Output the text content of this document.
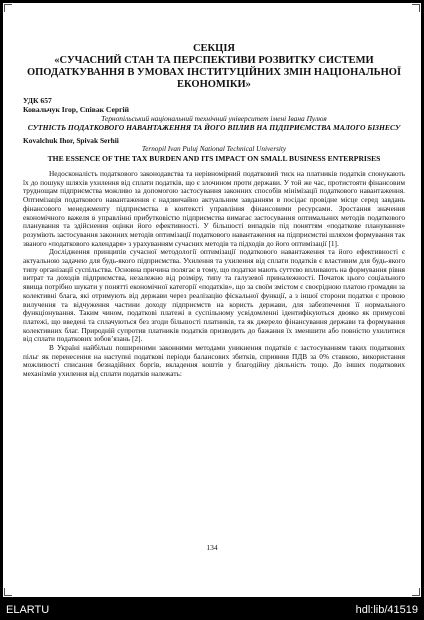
СЕКЦІЯ
«СУЧАСНИЙ СТАН ТА ПЕРСПЕКТИВИ РОЗВИТКУ СИСТЕМИ ОПОДАТКУВАННЯ В УМОВАХ ІНСТИТУЦІЙНИХ ЗМІН НАЦІОНАЛЬНОЇ ЕКОНОМІКИ»
УДК 657
Ковальчук Ігор, Співак Сергій
Тернопільський національний технічний університет імені Івана Пулюя
СУТНІСТЬ ПОДАТКОВОГО НАВАНТАЖЕННЯ ТА ЙОГО ВПЛИВ НА ПІДПРИЄМСТВА МАЛОГО БІЗНЕСУ
Kovalchuk Ihor, Spivak Serhii
Ternopil Ivan Puluj National Technical University
THE ESSENCE OF THE TAX BURDEN AND ITS IMPACT ON SMALL BUSINESS ENTERPRISES

Недосконалість податкового законодавства та нерівномірний податковий тиск на платників податків спонукають їх до пошуку шляхів ухилення від сплати податків, що є злочином проти держави. У той же час, протистояти фінансовим труднощам підприємства можливо за допомогою застосування законних способів мінімізації податкового навантаження. Оптимізація податкового навантаження є надзвичайно актуальним завданням в посідає провідне місце серед завдань фінансового менеджменту підприємства в контексті управління фінансовими ресурсами. Зростання значення економічного важеля в управлінні прибутковістю підприємства вимагає застосування оптимальних методів податкового планування та здійснення оцінки його ефективності. У більшості випадків під поняттям «податкове планування» розуміють застосування законних методів оптимізації податкового навантаження на підприємстві шляхом формування так званого «податкового календаря» з урахуванням сучасних методів та підходів до його оптимізації [1].

Дослідження принципів сучасної методології оптимізації податкового навантаження та його ефективності є актуальною задачею для будь-якого підприємства. Ухилення та ухилення від сплати податків є властивим для будь-якого типу організації суспільства. Основна причина полягає в тому, що податки мають суттєво впливають на формування рівня витрат та доходів підприємства, незалежно від розміру, типу та галузевої приналежності. Початок цього соціального явища потрібно шукати у понятті економічної категорії «податків», що за своїм змістом є своєрідною платою громадян за колективні блага, які отримують від держави через реалізацію фіскальної функції, а з іншої сторони податки є провою вилучення та відчуження частини доходу підприємств на користь держави, для забезпечення її нормального функціонування. Таким чином, податкові платежі в суспільному усвідомленні ідентифікуються двояко як примусові платежі, що введені та сплачуються без згоди більшості платників, та як джерело фінансування держави та формування колективних благ. Природній супротив платників податків призводить до бажання їх зменшити або повністю ухилитися від сплати податкових зобов’язань [2].

В Україні найбільш поширеними законними методами уникнення податків є застосуванням таких податкових пільг як перенесення на наступні податкові періоди балансових збитків, сприяння ПДВ за 0% ставкою, використання можливості списання безнадійних боргів, вкладення коштів у благодійну діяльність тощо. До інших податкових механізмів ухилення від сплати податків належать:

134
ELARTU	hdl:lib/41519
